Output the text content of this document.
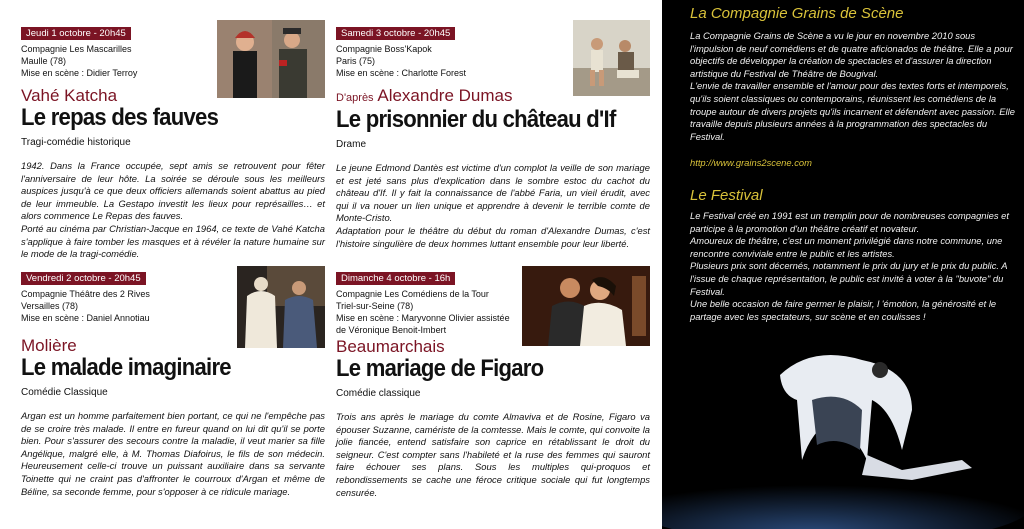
Jeudi 1 octobre - 20h45
Compagnie Les Mascarilles
Maulle (78)
Mise en scène : Didier Terroy
Vahé Katcha
Le repas des fauves
Tragi-comédie historique
1942. Dans la France occupée, sept amis se retrouvent pour fêter l'anniversaire de leur hôte. La soirée se déroule sous les meilleurs auspices jusqu'à ce que deux officiers allemands soient abattus au pied de leur immeuble. La Gestapo investit les lieux pour représailles… et alors commence Le Repas des fauves.
Porté au cinéma par Christian-Jacque en 1964, ce texte de Vahé Katcha s'applique à faire tomber les masques et à révéler la nature humaine sur le mode de la tragi-comédie.
Samedi 3 octobre - 20h45
Compagnie Boss'Kapok
Paris (75)
Mise en scène : Charlotte Forest
D'après Alexandre Dumas
Le prisonnier du château d'If
Drame
Le jeune Edmond Dantès est victime d'un complot la veille de son mariage et est jeté sans plus d'explication dans le sombre estoc du cachot du château d'If. Il y fait la connaissance de l'abbé Faria, un vieil érudit, avec qui il va nouer un lien unique et apprendre à devenir le terrible comte de Monte-Cristo.
Adaptation pour le théâtre du début du roman d'Alexandre Dumas, c'est l'histoire singulière de deux hommes luttant ensemble pour leur liberté.
Vendredi 2 octobre - 20h45
Compagnie Théâtre des 2 Rives
Versailles (78)
Mise en scène : Daniel Annotiau
Molière
Le malade imaginaire
Comédie Classique
Argan est un homme parfaitement bien portant, ce qui ne l'empêche pas de se croire très malade. Il entre en fureur quand on lui dit qu'il se porte bien. Pour s'assurer des secours contre la maladie, il veut marier sa fille Angélique, malgré elle, à M. Thomas Diafoirus, le fils de son médecin. Heureusement celle-ci trouve un puissant auxiliaire dans sa servante Toinette qui ne craint pas d'affronter le courroux d'Argan et même de Béline, sa seconde femme, pour s'opposer à ce ridicule mariage.
Dimanche 4 octobre - 16h
Compagnie Les Comédiens de la Tour
Triel-sur-Seine (78)
Mise en scène : Maryvonne Olivier assistée de Véronique Benoit-Imbert
Beaumarchais
Le mariage de Figaro
Comédie classique
Trois ans après le mariage du comte Almaviva et de Rosine, Figaro va épouser Suzanne, camériste de la comtesse. Mais le comte, qui convoite la jolie fiancée, entend satisfaire son caprice en rétablissant le droit du seigneur. C'est compter sans l'habileté et la ruse des femmes qui sauront faire échouer ses plans. Sous les multiples qui-proquos et rebondissements se cache une féroce critique sociale qui fut longtemps censurée.
La Compagnie Grains de Scène
La Compagnie Grains de Scène a vu le jour en novembre 2010 sous l'impulsion de neuf comédiens et de quatre aficionados de théâtre. Elle a pour objectifs de développer la création de spectacles et d'assurer la direction artistique du Festival de Théâtre de Bougival.
L'envie de travailler ensemble et l'amour pour des textes forts et intemporels, qu'ils soient classiques ou contemporains, réunissent les comédiens de la troupe autour de divers projets qu'ils incarnent et défendent avec passion. Elle travaille depuis plusieurs années à la programmation des spectacles du Festival.
http://www.grains2scene.com
Le Festival
Le Festival créé en 1991 est un tremplin pour de nombreuses compagnies et participe à la promotion d'un théâtre créatif et novateur.
Amoureux de théâtre, c'est un moment privilégié dans notre commune, une rencontre conviviale entre le public et les artistes.
Plusieurs prix sont décernés, notamment le prix du jury et le prix du public. A l'issue de chaque représentation, le public est invité à voter à la "buvote" du Festival.
Une belle occasion de faire germer le plaisir, l 'émotion, la générosité et le partage avec les spectateurs, sur scène et en coulisses !
